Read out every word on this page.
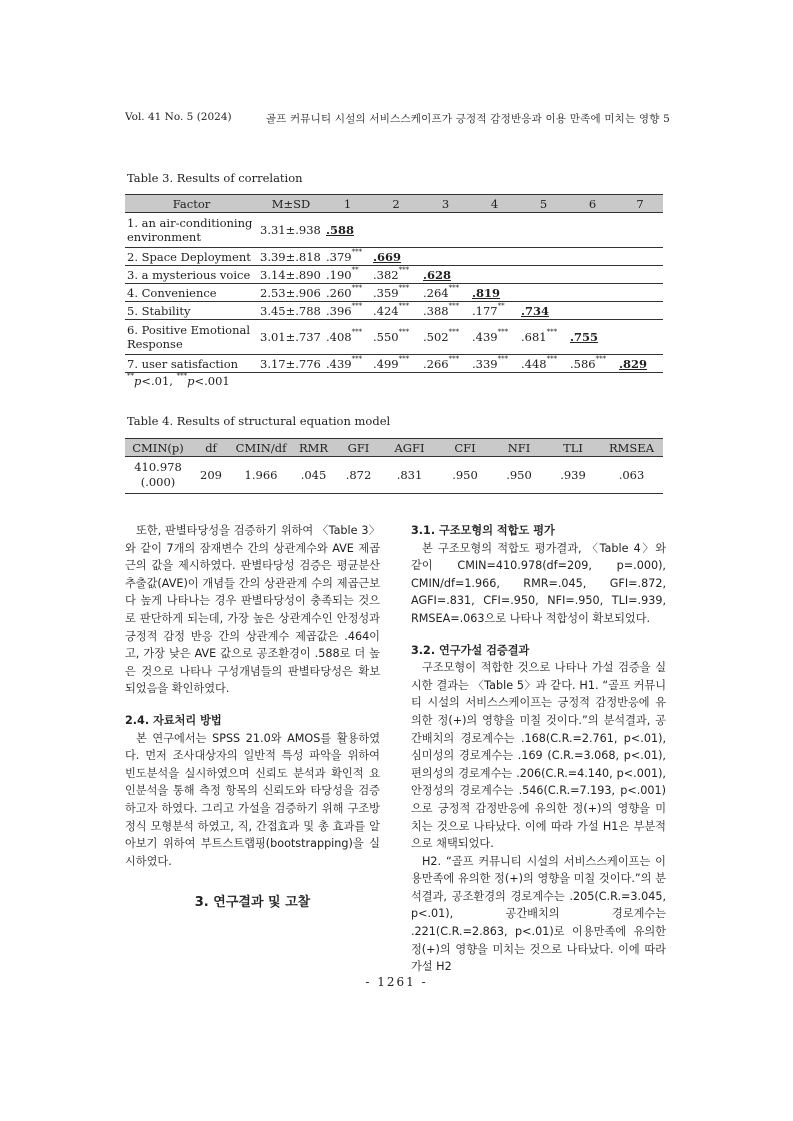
Vol. 41 No. 5 (2024)	골프 커뮤니티 시설의 서비스스케이프가 긍정적 감정반응과 이용 만족에 미치는 영향 5
Table 3. Results of correlation
Factor	M±SD	1	2	3	4	5	6	7
1. an air-conditioning environment	3.31±.938	.588						
2. Space Deployment	3.39±.818	.379***	.669					
3. a mysterious voice	3.14±.890	.190**	.382***	.628				
4. Convenience	2.53±.906	.260***	.359***	.264***	.819			
5. Stability	3.45±.788	.396***	.424***	.388***	.177**	.734		
6. Positive Emotional Response	3.01±.737	.408***	.550***	.502***	.439***	.681***	.755	
7. user satisfaction	3.17±.776	.439***	.499***	.266***	.339***	.448***	.586***	.829
**p<.01, ***p<.001
Table 4. Results of structural equation model
CMIN(p)	df	CMIN/df	RMR	GFI	AGFI	CFI	NFI	TLI	RMSEA
410.978 (.000)	209	1.966	.045	.872	.831	.950	.950	.939	.063

또한, 판별타당성을 검증하기 위하여 〈Table 3〉와 같이 7개의 잠재변수 간의 상관계수와 AVE 제곱근의 값을 제시하였다. 판별타당성 검증은 평균분산추출값(AVE)이 개념들 간의 상관관계 수의 제곱근보다 높게 나타나는 경우 판별타당성이 충족되는 것으로 판단하게 되는데, 가장 높은 상관계수인 안정성과 긍정적 감정 반응 간의 상관계수 제곱값은 .464이고, 가장 낮은 AVE 값으로 공조환경이 .588로 더 높은 것으로 나타나 구성개념들의 판별타당성은 확보되었음을 확인하였다.

2.4. 자료처리 방법

본 연구에서는 SPSS 21.0와 AMOS를 활용하였다. 먼저 조사대상자의 일반적 특성 파악을 위하여 빈도분석을 실시하였으며 신뢰도 분석과 확인적 요인분석을 통해 측정 항목의 신뢰도와 타당성을 검증하고자 하였다. 그리고 가설을 검증하기 위해 구조방정식 모형분석 하였고, 직, 간접효과 및 총 효과를 알아보기 위하여 부트스트랩핑(bootstrapping)을 실시하였다.

3. 연구결과 및 고찰

3.1. 구조모형의 적합도 평가

본 구조모형의 적합도 평가결과, 〈Table 4〉와 같이 CMIN=410.978(df=209, p=.000), CMIN/df=1.966, RMR=.045, GFI=.872, AGFI=.831, CFI=.950, NFI=.950, TLI=.939, RMSEA=.063으로 나타나 적합성이 확보되었다.

3.2. 연구가설 검증결과

구조모형이 적합한 것으로 나타나 가설 검증을 실시한 결과는 〈Table 5〉과 같다. H1. “골프 커뮤니티 시설의 서비스스케이프는 긍정적 감정반응에 유의한 정(+)의 영향을 미칠 것이다.”의 분석결과, 공간배치의 경로계수는 .168(C.R.=2.761, p<.01), 심미성의 경로계수는 .169 (C.R.=3.068, p<.01), 편의성의 경로계수는 .206(C.R.=4.140, p<.001), 안정성의 경로계수는 .546(C.R.=7.193, p<.001)으로 긍정적 감정반응에 유의한 정(+)의 영향을 미치는 것으로 나타났다. 이에 따라 가설 H1은 부분적으로 채택되었다.

H2. “골프 커뮤니티 시설의 서비스스케이프는 이용만족에 유의한 정(+)의 영향을 미칠 것이다.”의 분석결과, 공조환경의 경로계수는 .205(C.R.=3.045, p<.01), 공간배치의 경로계수는 .221(C.R.=2.863, p<.01)로 이용만족에 유의한 정(+)의 영향을 미치는 것으로 나타났다. 이에 따라 가설 H2

- 1261 -
